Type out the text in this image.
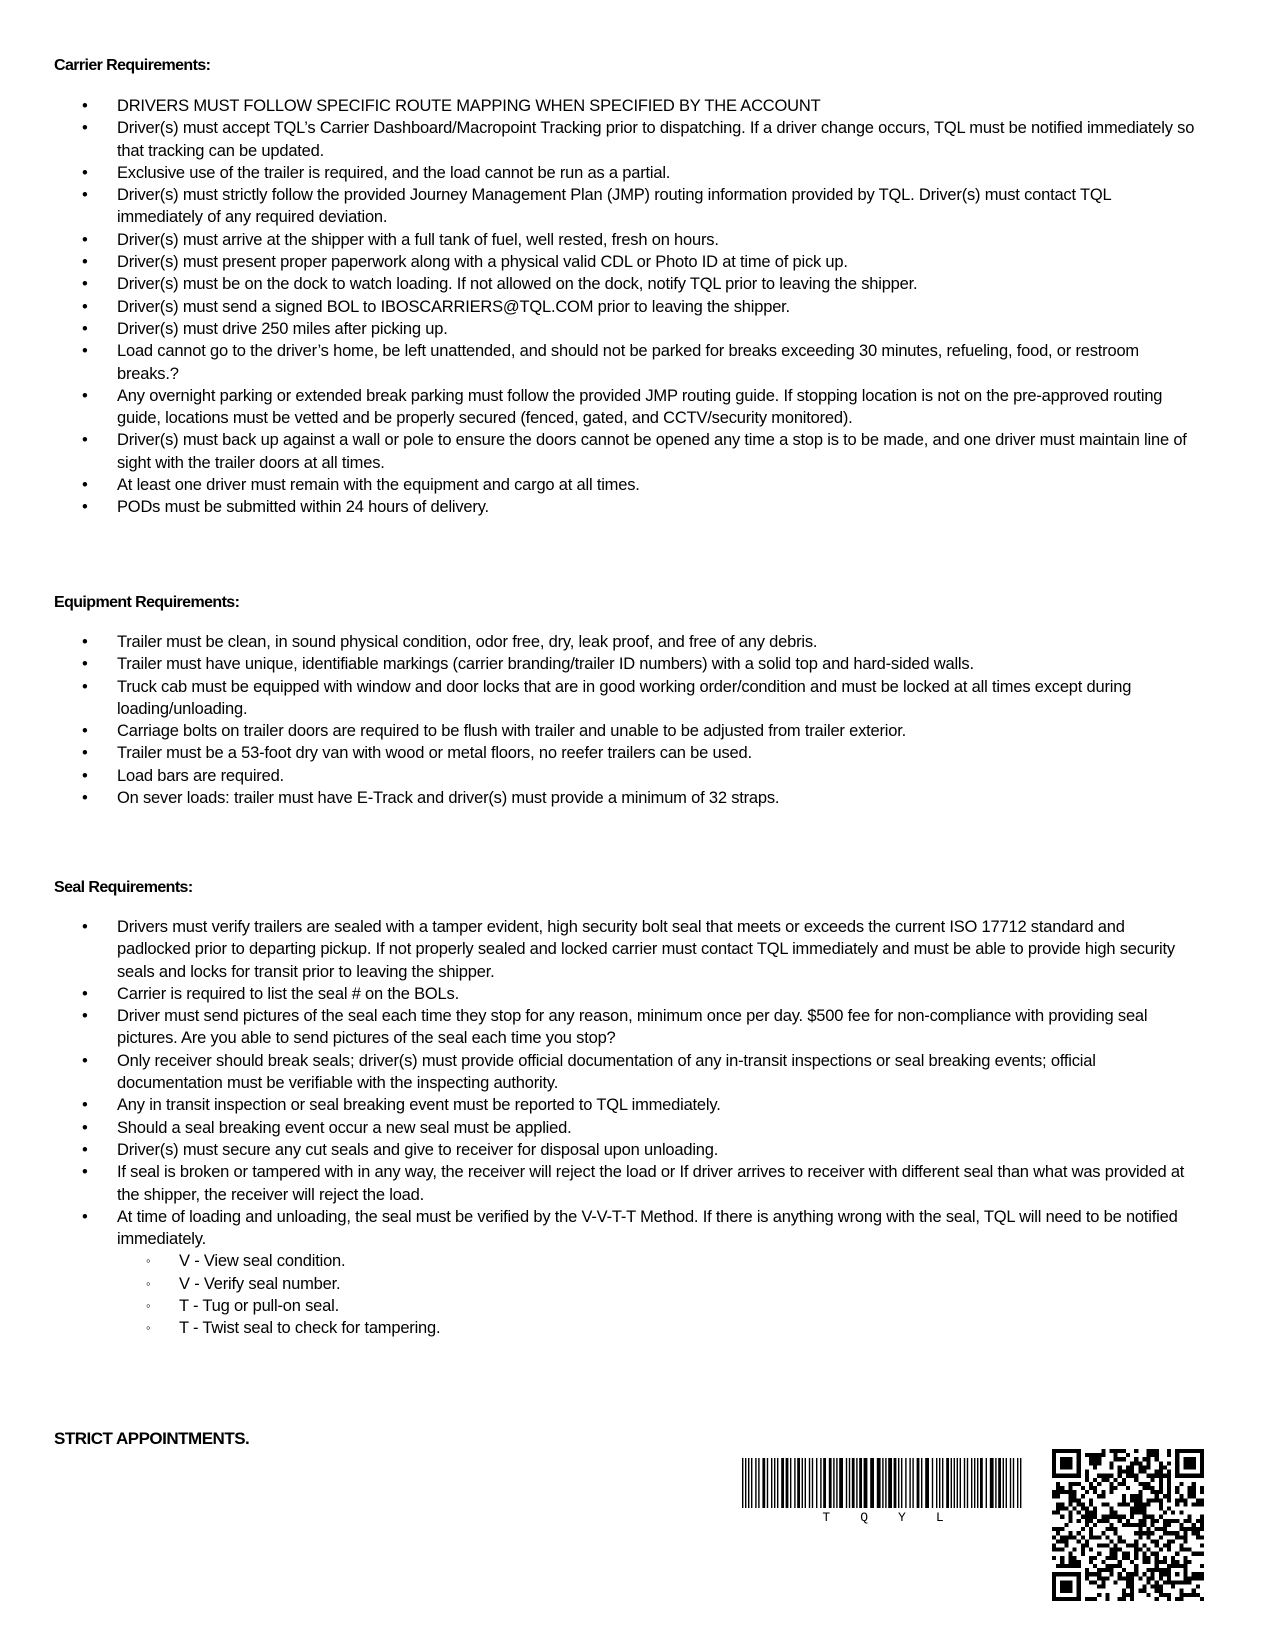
Carrier Requirements:
• DRIVERS MUST FOLLOW SPECIFIC ROUTE MAPPING WHEN SPECIFIED BY THE ACCOUNT
• Driver(s) must accept TQL’s Carrier Dashboard/Macropoint Tracking prior to dispatching. If a driver change occurs, TQL must be notified immediately so that tracking can be updated.
• Exclusive use of the trailer is required, and the load cannot be run as a partial.
• Driver(s) must strictly follow the provided Journey Management Plan (JMP) routing information provided by TQL. Driver(s) must contact TQL immediately of any required deviation.
• Driver(s) must arrive at the shipper with a full tank of fuel, well rested, fresh on hours.
• Driver(s) must present proper paperwork along with a physical valid CDL or Photo ID at time of pick up.
• Driver(s) must be on the dock to watch loading. If not allowed on the dock, notify TQL prior to leaving the shipper.
• Driver(s) must send a signed BOL to IBOSCARRIERS@TQL.COM prior to leaving the shipper.
• Driver(s) must drive 250 miles after picking up.
• Load cannot go to the driver’s home, be left unattended, and should not be parked for breaks exceeding 30 minutes, refueling, food, or restroom breaks.?
• Any overnight parking or extended break parking must follow the provided JMP routing guide. If stopping location is not on the pre-approved routing guide, locations must be vetted and be properly secured (fenced, gated, and CCTV/security monitored).
• Driver(s) must back up against a wall or pole to ensure the doors cannot be opened any time a stop is to be made, and one driver must maintain line of sight with the trailer doors at all times.
• At least one driver must remain with the equipment and cargo at all times.
• PODs must be submitted within 24 hours of delivery.
Equipment Requirements:
• Trailer must be clean, in sound physical condition, odor free, dry, leak proof, and free of any debris.
• Trailer must have unique, identifiable markings (carrier branding/trailer ID numbers) with a solid top and hard-sided walls.
• Truck cab must be equipped with window and door locks that are in good working order/condition and must be locked at all times except during loading/unloading.
• Carriage bolts on trailer doors are required to be flush with trailer and unable to be adjusted from trailer exterior.
• Trailer must be a 53-foot dry van with wood or metal floors, no reefer trailers can be used.
• Load bars are required.
• On sever loads: trailer must have E-Track and driver(s) must provide a minimum of 32 straps.
Seal Requirements:
• Drivers must verify trailers are sealed with a tamper evident, high security bolt seal that meets or exceeds the current ISO 17712 standard and padlocked prior to departing pickup. If not properly sealed and locked carrier must contact TQL immediately and must be able to provide high security seals and locks for transit prior to leaving the shipper.
• Carrier is required to list the seal # on the BOLs.
• Driver must send pictures of the seal each time they stop for any reason, minimum once per day. $500 fee for non-compliance with providing seal pictures. Are you able to send pictures of the seal each time you stop?
• Only receiver should break seals; driver(s) must provide official documentation of any in-transit inspections or seal breaking events; official documentation must be verifiable with the inspecting authority.
• Any in transit inspection or seal breaking event must be reported to TQL immediately.
• Should a seal breaking event occur a new seal must be applied.
• Driver(s) must secure any cut seals and give to receiver for disposal upon unloading.
• If seal is broken or tampered with in any way, the receiver will reject the load or If driver arrives to receiver with different seal than what was provided at the shipper, the receiver will reject the load.
• At time of loading and unloading, the seal must be verified by the V-V-T-T Method. If there is anything wrong with the seal, TQL will need to be notified immediately.
◦ V - View seal condition.
◦ V - Verify seal number.
◦ T - Tug or pull-on seal.
◦ T - Twist seal to check for tampering.

STRICT APPOINTMENTS.

T Q Y L
